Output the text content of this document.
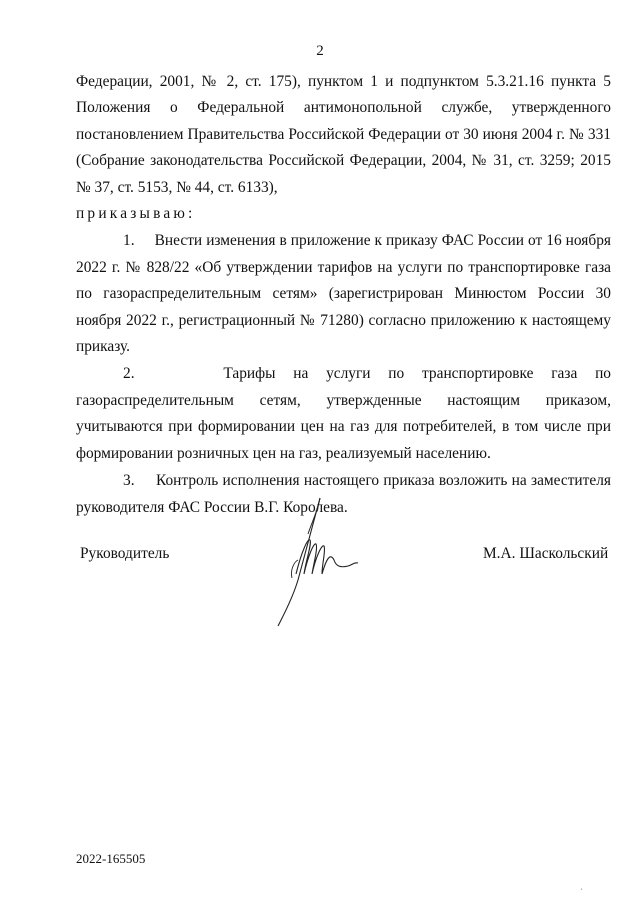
2

Федерации, 2001, № 2, ст. 175), пунктом 1 и подпунктом 5.3.21.16 пункта 5 Положения о Федеральной антимонопольной службе, утвержденного постановлением Правительства Российской Федерации от 30 июня 2004 г. № 331 (Собрание законодательства Российской Федерации, 2004, № 31, ст. 3259; 2015 № 37, ст. 5153, № 44, ст. 6133),

приказываю:

1.     Внести изменения в приложение к приказу ФАС России от 16 ноября 2022 г. № 828/22 «Об утверждении тарифов на услуги по транспортировке газа по газораспределительным сетям» (зарегистрирован Минюстом России 30 ноября 2022 г., регистрационный № 71280) согласно приложению к настоящему приказу.

2.     Тарифы на услуги по транспортировке газа по газораспределительным сетям, утвержденные настоящим приказом, учитываются при формировании цен на газ для потребителей, в том числе при формировании розничных цен на газ, реализуемый населению.

3.     Контроль исполнения настоящего приказа возложить на заместителя руководителя ФАС России В.Г. Королева.

Руководитель	М.А. Шаскольский
2022-165505
ˌ
